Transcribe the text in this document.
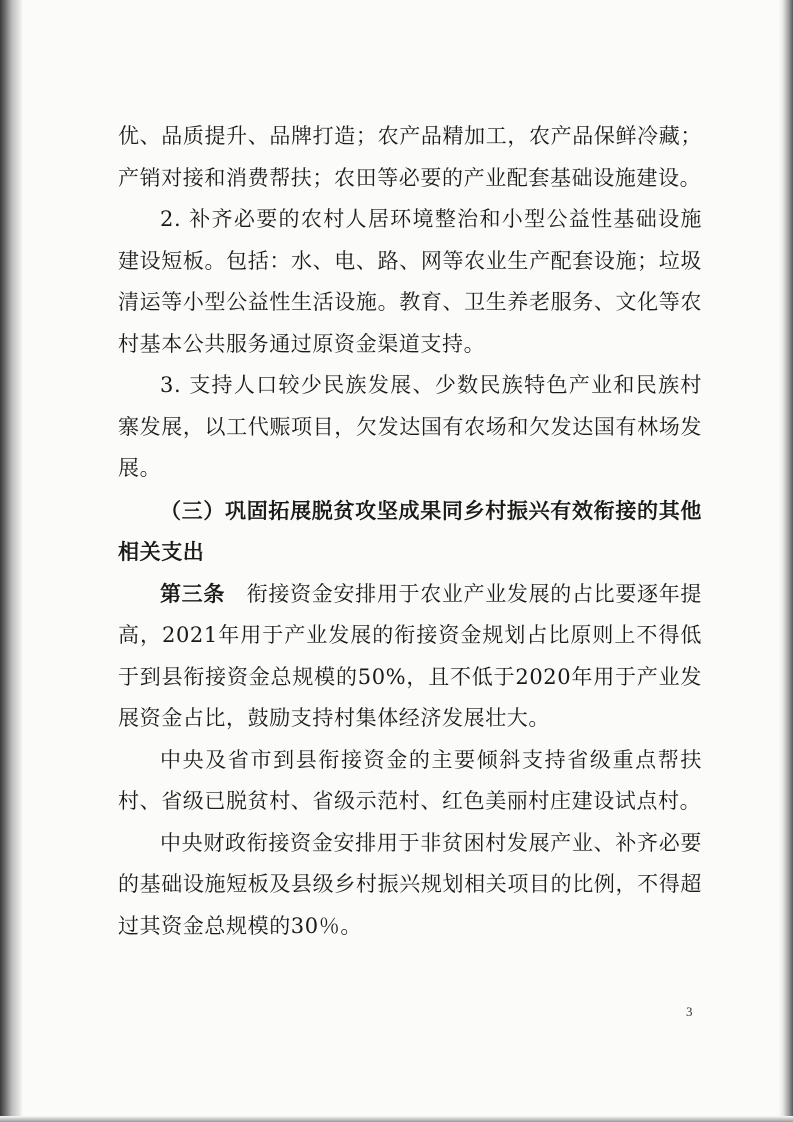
优、品质提升、品牌打造；农产品精加工，农产品保鲜冷藏；产销对接和消费帮扶；农田等必要的产业配套基础设施建设。

2. 补齐必要的农村人居环境整治和小型公益性基础设施建设短板。包括：水、电、路、网等农业生产配套设施；垃圾清运等小型公益性生活设施。教育、卫生养老服务、文化等农村基本公共服务通过原资金渠道支持。

3. 支持人口较少民族发展、少数民族特色产业和民族村寨发展，以工代赈项目，欠发达国有农场和欠发达国有林场发展。

（三）巩固拓展脱贫攻坚成果同乡村振兴有效衔接的其他相关支出

第三条  衔接资金安排用于农业产业发展的占比要逐年提高，2021年用于产业发展的衔接资金规划占比原则上不得低于到县衔接资金总规模的50%，且不低于2020年用于产业发展资金占比，鼓励支持村集体经济发展壮大。

中央及省市到县衔接资金的主要倾斜支持省级重点帮扶村、省级已脱贫村、省级示范村、红色美丽村庄建设试点村。

中央财政衔接资金安排用于非贫困村发展产业、补齐必要的基础设施短板及县级乡村振兴规划相关项目的比例，不得超过其资金总规模的30％。

3
